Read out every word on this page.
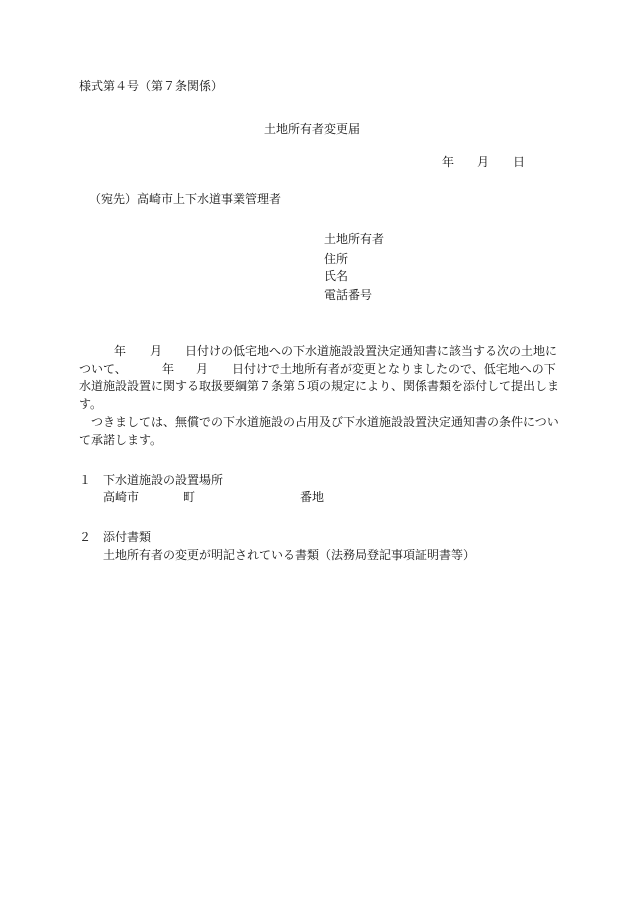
様式第４号（第７条関係）
土地所有者変更届
年 月 日
（宛先）高崎市上下水道事業管理者
土地所有者
住所
氏名
電話番号
年 月 日付けの低宅地への下水道施設設置決定通知書に該当する次の土地に
ついて、	年 月 日付けで土地所有者が変更となりましたので、低宅地への下
水道施設設置に関する取扱要綱第７条第５項の規定により、関係書類を添付して提出しま
す。
つきましては、無償での下水道施設の占用及び下水道施設設置決定通知書の条件につい
て承諾します。
１ 下水道施設の設置場所
高崎市	町	番地
２ 添付書類
土地所有者の変更が明記されている書類（法務局登記事項証明書等）
